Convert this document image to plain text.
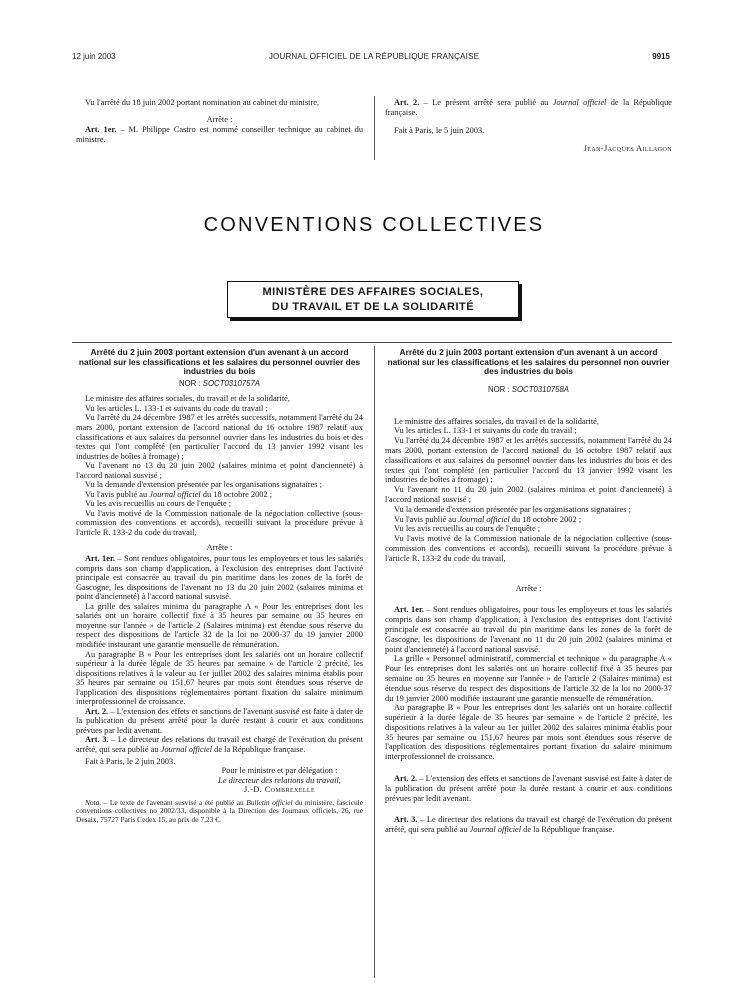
12 juin 2003	JOURNAL OFFICIEL DE LA RÉPUBLIQUE FRANÇAISE	9915

Vu l'arrêté du 18 juin 2002 portant nomination au cabinet du ministre,

Arrête :

Art. 1er. – M. Philippe Castro est nommé conseiller technique au cabinet du ministre.

Art. 2. – Le présent arrêté sera publié au Journal officiel de la République française.

Fait à Paris, le 5 juin 2003.

Jean-Jacques Aillagon

CONVENTIONS COLLECTIVES
MINISTÈRE DES AFFAIRES SOCIALES,
DU TRAVAIL ET DE LA SOLIDARITÉ
Arrêté du 2 juin 2003 portant extension d'un avenant à un accord national sur les classifications et les salaires du personnel ouvrier des industries du bois
NOR : SOCT0310757A

Le ministre des affaires sociales, du travail et de la solidarité,

Vu les articles L. 133-1 et suivants du code du travail ;

Vu l'arrêté du 24 décembre 1987 et les arrêtés successifs, notamment l'arrêté du 24 mars 2000, portant extension de l'accord national du 16 octobre 1987 relatif aux classifications et aux salaires du personnel ouvrier dans les industries du bois et des textes qui l'ont complété (en particulier l'accord du 13 janvier 1992 visant les industries de boîtes à fromage) ;

Vu l'avenant no 13 du 20 juin 2002 (salaires minima et point d'ancienneté) à l'accord national susvisé ;

Vu la demande d'extension présentée par les organisations signataires ;

Vu l'avis publié au Journal officiel du 18 octobre 2002 ;

Vu les avis recueillis au cours de l'enquête ;

Vu l'avis motivé de la Commission nationale de la négociation collective (sous-commission des conventions et accords), recueilli suivant la procédure prévue à l'article R. 133-2 du code du travail,

Arrête :

Art. 1er. – Sont rendues obligatoires, pour tous les employeurs et tous les salariés compris dans son champ d'application, à l'exclusion des entreprises dont l'activité principale est consacrée au travail du pin maritime dans les zones de la forêt de Gascogne, les dispositions de l'avenant no 13 du 20 juin 2002 (salaires minima et point d'ancienneté) à l'accord national susvisé.

La grille des salaires minima du paragraphe A « Pour les entreprises dont les salariés ont un horaire collectif fixé à 35 heures par semaine ou 35 heures en moyenne sur l'année » de l'article 2 (Salaires minima) est étendue sous réserve du respect des dispositions de l'article 32 de la loi no 2000-37 du 19 janvier 2000 modifiée instaurant une garantie mensuelle de rémunération.

Au paragraphe B « Pour les entreprises dont les salariés ont un horaire collectif supérieur à la durée légale de 35 heures par semaine » de l'article 2 précité, les dispositions relatives à la valeur au 1er juillet 2002 des salaires minima établis pour 35 heures par semaine ou 151,67 heures par mois sont étendues sous réserve de l'application des dispositions réglementaires portant fixation du salaire minimum interprofessionnel de croissance.

Art. 2. – L'extension des effets et sanctions de l'avenant susvisé est faite à dater de la publication du présent arrêté pour la durée restant à courir et aux conditions prévues par ledit avenant.

Art. 3. – Le directeur des relations du travail est chargé de l'exécution du présent arrêté, qui sera publié au Journal officiel de la République française.

Fait à Paris, le 2 juin 2003.

Pour le ministre et par délégation :

Le directeur des relations du travail,

J.-D. Combrexelle

Nota. – Le texte de l'avenant susvisé a été publié au Bulletin officiel du ministère, fascicule conventions collectives no 2002/33, disponible à la Direction des Journaux officiels, 26, rue Desaix, 75727 Paris Cedex 15, au prix de 7,23 €.

Arrêté du 2 juin 2003 portant extension d'un avenant à un accord national sur les classifications et les salaires du personnel non ouvrier des industries du bois
NOR : SOCT0310758A

Le ministre des affaires sociales, du travail et de la solidarité,

Vu les articles L. 133-1 et suivants du code du travail ;

Vu l'arrêté du 24 décembre 1987 et les arrêtés successifs, notamment l'arrêté du 24 mars 2000, portant extension de l'accord national du 16 octobre 1987 relatif aux classifications et aux salaires du personnel ouvrier dans les industries du bois et des textes qui l'ont complété (en particulier l'accord du 13 janvier 1992 visant les industries de boîtes à fromage) ;

Vu l'avenant no 11 du 20 juin 2002 (salaires minima et point d'ancienneté) à l'accord national susvisé ;

Vu la demande d'extension présentée par les organisations signataires ;

Vu l'avis publié au Journal officiel du 18 octobre 2002 ;

Vu les avis recueillis au cours de l'enquête ;

Vu l'avis motivé de la Commission nationale de la négociation collective (sous-commission des conventions et accords), recueilli suivant la procédure prévue à l'article R. 133-2 du code du travail,

Arrête :

Art. 1er. – Sont rendues obligatoires, pour tous les employeurs et tous les salariés compris dans son champ d'application, à l'exclusion des entreprises dont l'activité principale est consacrée au travail du pin maritime dans les zones de la forêt de Gascogne, les dispositions de l'avenant no 11 du 20 juin 2002 (salaires minima et point d'ancienneté) à l'accord national susvisé.

La grille « Personnel administratif, commercial et technique » du paragraphe A « Pour les entreprises dont les salariés ont un horaire collectif fixé à 35 heures par semaine ou 35 heures en moyenne sur l'année » de l'article 2 (Salaires minima) est étendue sous réserve du respect des dispositions de l'article 32 de la loi no 2000-37 du 19 janvier 2000 modifiée instaurant une garantie mensuelle de rémunération.

Au paragraphe B « Pour les entreprises dont les salariés ont un horaire collectif supérieur à la durée légale de 35 heures par semaine » de l'article 2 précité, les dispositions relatives à la valeur au 1er juillet 2002 des salaires minima établis pour 35 heures par semaine ou 151,67 heures par mois sont étendues sous réserve de l'application des dispositions réglementaires portant fixation du salaire minimum interprofessionnel de croissance.

Art. 2. – L'extension des effets et sanctions de l'avenant susvisé est faite à dater de la publication du présent arrêté pour la durée restant à courir et aux conditions prévues par ledit avenant.

Art. 3. – Le directeur des relations du travail est chargé de l'exécution du présent arrêté, qui sera publié au Journal officiel de la République française.
